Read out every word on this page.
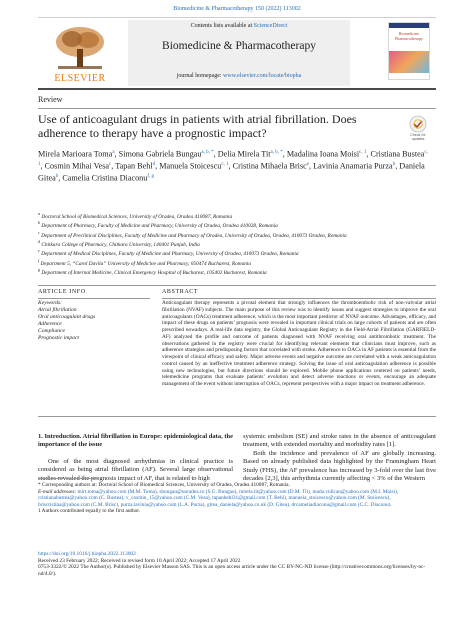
Biomedicine & Pharmacotherapy 150 (2022) 113002
ELSEVIER
Contents lists available at ScienceDirect
Biomedicine & Pharmacotherapy
journal homepage: www.elsevier.com/locate/biopha
Biomedicine
Pharmacotherapy
Review
Use of anticoagulant drugs in patients with atrial fibrillation. Does adherence to therapy have a prognostic impact?	Check for
updates
Mirela Marioara Toma$^a$, Simona Gabriela Bungau$^{a, b, *}$, Delia Mirela Tit$^{a, b, *}$, Madalina Ioana Moisi$^{c, 1}$, Cristiana Bustea$^{c, 1}$, Cosmin Mihai Vesa$^c$, Tapan Behl$^d$, Manuela Stoicescu$^{c, 1}$, Cristina Mihaela Brisc$^e$, Lavinia Anamaria Purza$^b$, Daniela Gitea$^b$, Camelia Cristina Diaconu$^{f, g}$
$^a$ Doctoral School of Biomedical Sciences, University of Oradea, Oradea 410087, Romania
$^b$ Department of Pharmacy, Faculty of Medicine and Pharmacy, University of Oradea, Oradea 410028, Romania
$^c$ Department of Preclinical Disciplines, Faculty of Medicine and Pharmacy of Oradea, University of Oradea, Oradea, 410073 Oradea, Romania
$^d$ Chitkara College of Pharmacy, Chitkara University, 140401 Punjab, India
$^e$ Department of Medical Disciplines, Faculty of Medicine and Pharmacy, University of Oradea, 410073 Oradea, Romania
$^f$ Department 5, “Carol Davila” University of Medicine and Pharmacy, 050474 Bucharest, Romania
$^g$ Department of Internal Medicine, Clinical Emergency Hospital of Bucharest, 105402 Bucharest, Romania
ARTICLE INFO	ABSTRACT
Keywords:
Atrial fibrillation
Oral anticoagulant drugs
Adherence
Compliance
Prognostic impact
Anticoagulant therapy represents a pivotal element that strongly influences the thromboembolic risk of non-valvular atrial fibrillation (NVAF) subjects. The main purpose of this review was to identify issues and suggest strategies to improve the oral anticoagulants (OACs) treatment adherence, which is the most important predictor of NVAF outcome. Advantages, efficacy, and impact of these drugs on patients’ prognosis were revealed in important clinical trials on large cohorts of patients and are often prescribed nowadays. A real-life data registry, the Global Anticoagulant Registry in the Field-Atrial Fibrillation (GARFIELD-AF) analyzed the profile and outcome of patients diagnosed with NVAF receiving oral antithrombotic treatment. The observations gathered in the registry were crucial for identifying relevant elements that clinicians must improve, such as adherence strategies and predisposing factors that correlated with stroke. Adherence to OACs in AF patients is essential from the viewpoint of clinical efficacy and safety. Major adverse events and negative outcome are correlated with a weak anticoagulation control caused by an ineffective treatment adherence strategy. Solving the issue of oral anticoagulation adherence is possible using new technologies, but future directions should be explored. Mobile phone applications centered on patients’ needs, telemedicine programs that evaluate patients’ evolution and detect adverse reactions or events, encourage an adequate management of the event without interruption of OACs, represent perspectives with a major impact on treatment adherence.
1. Introduction. Atrial fibrillation in Europe: epidemiological data, the importance of the issue

One of the most diagnosed arrhythmias in clinical practice is considered as being atrial fibrillation (AF). Several large observational studies revealed the prognosis impact of AF, that is related to high

systemic embolism (SE) and stroke rates in the absence of anticoagulant treatment, with extended mortality and morbidity rates [1].

Both the incidence and prevalence of AF are globally increasing. Based on already published data highlighted by the Framingham Heart Study (FHS), the AF prevalence has increased by 3-fold over the last five decades [2,3], this arrhythmia currently affecting < 3% of the Western

* Corresponding authors at: Doctoral School of Biomedical Sciences, University of Oradea, Oradea 410087, Romania.
E-mail addresses: mirt.toma@yahoo.com (M.M. Toma), sbungau@uoradea.ro (S.G. Bungau), mirela.tit@yahoo.com (D.M. Tit), mada.vidican@yahoo.com (M.I. Moisi), cristianabustea@yahoo.com (C. Bustea), v_cosmin_15@yahoo.com (C.M. Vesa), tapanbehl31@gmail.com (T. Behl), manuela_stoicescu@yahoo.com (M. Stoicescu), briscristina@yahoo.com (C.M. Brisc), purza.lavinia@yahoo.com (L.A. Purza), gitea_daniela@yahoo.co.uk (D. Gitea), drcameliadiaconu@gmail.com (C.C. Diaconu).
1 Authors contributed equally to the first author.
https://doi.org/10.1016/j.biopha.2022.113002
Received 23 February 2022; Received in revised form 10 April 2022; Accepted 17 April 2022
0753-3322/© 2022 The Author(s). Published by Elsevier Masson SAS. This is an open access article under the CC BY-NC-ND license (http://creativecommons.org/licenses/by-nc-nd/4.0/).
